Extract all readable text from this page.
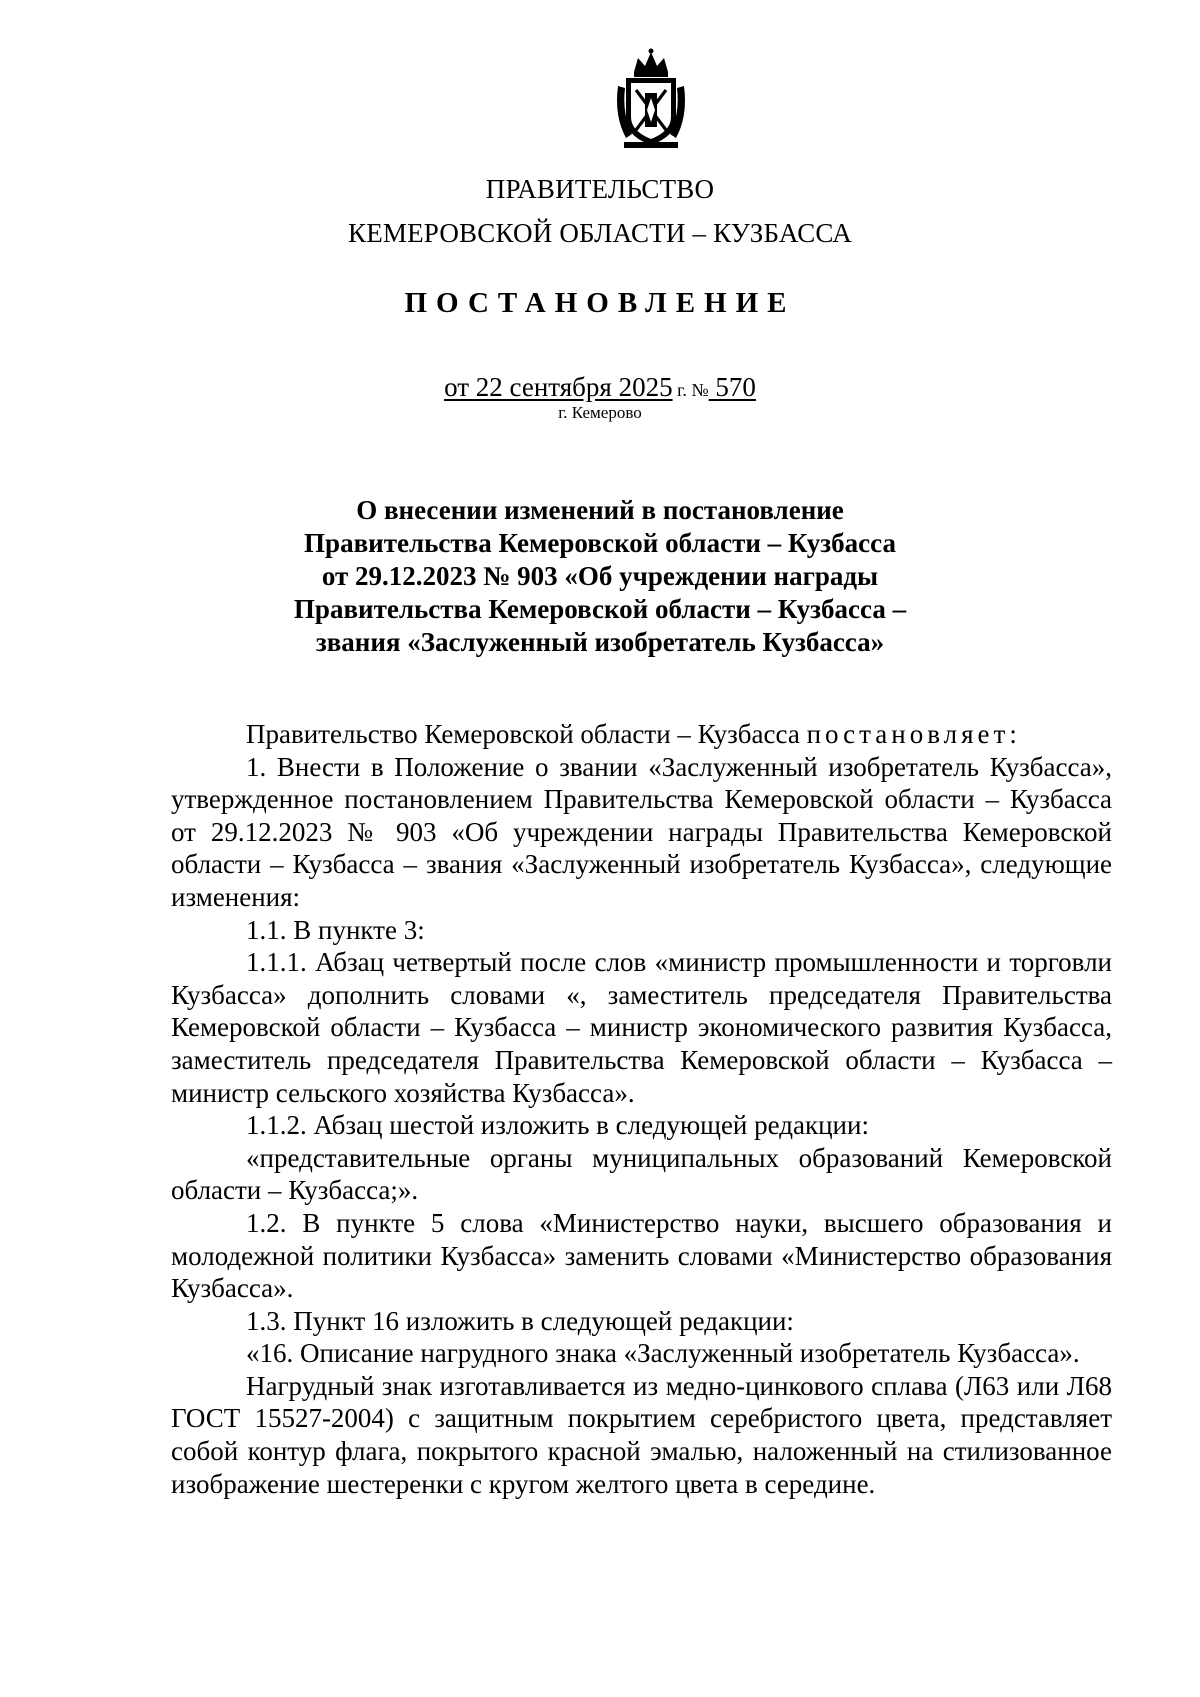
ПРАВИТЕЛЬСТВО
КЕМЕРОВСКОЙ ОБЛАСТИ – КУЗБАССА
ПОСТАНОВЛЕНИЕ
от 22 сентября 2025 г. № 570
г. Кемерово
О внесении изменений в постановление
Правительства Кемеровской области – Кузбасса
от 29.12.2023 № 903 «Об учреждении награды
Правительства Кемеровской области – Кузбасса –
звания «Заслуженный изобретатель Кузбасса»

Правительство Кемеровской области – Кузбасса постановляет:

1. Внести в Положение о звании «Заслуженный изобретатель Кузбасса», утвержденное постановлением Правительства Кемеровской области – Кузбасса от 29.12.2023 № 903 «Об учреждении награды Правительства Кемеровской области – Кузбасса – звания «Заслуженный изобретатель Кузбасса», следующие изменения:

1.1. В пункте 3:

1.1.1. Абзац четвертый после слов «министр промышленности и торговли Кузбасса» дополнить словами «, заместитель председателя Правительства Кемеровской области – Кузбасса – министр экономического развития Кузбасса, заместитель председателя Правительства Кемеровской области – Кузбасса – министр сельского хозяйства Кузбасса».

1.1.2. Абзац шестой изложить в следующей редакции:

«представительные органы муниципальных образований Кемеровской области – Кузбасса;».

1.2. В пункте 5 слова «Министерство науки, высшего образования и молодежной политики Кузбасса» заменить словами «Министерство образования Кузбасса».

1.3. Пункт 16 изложить в следующей редакции:

«16. Описание нагрудного знака «Заслуженный изобретатель Кузбасса».

Нагрудный знак изготавливается из медно-цинкового сплава (Л63 или Л68 ГОСТ 15527-2004) с защитным покрытием серебристого цвета, представляет собой контур флага, покрытого красной эмалью, наложенный на стилизованное изображение шестеренки с кругом желтого цвета в середине.
